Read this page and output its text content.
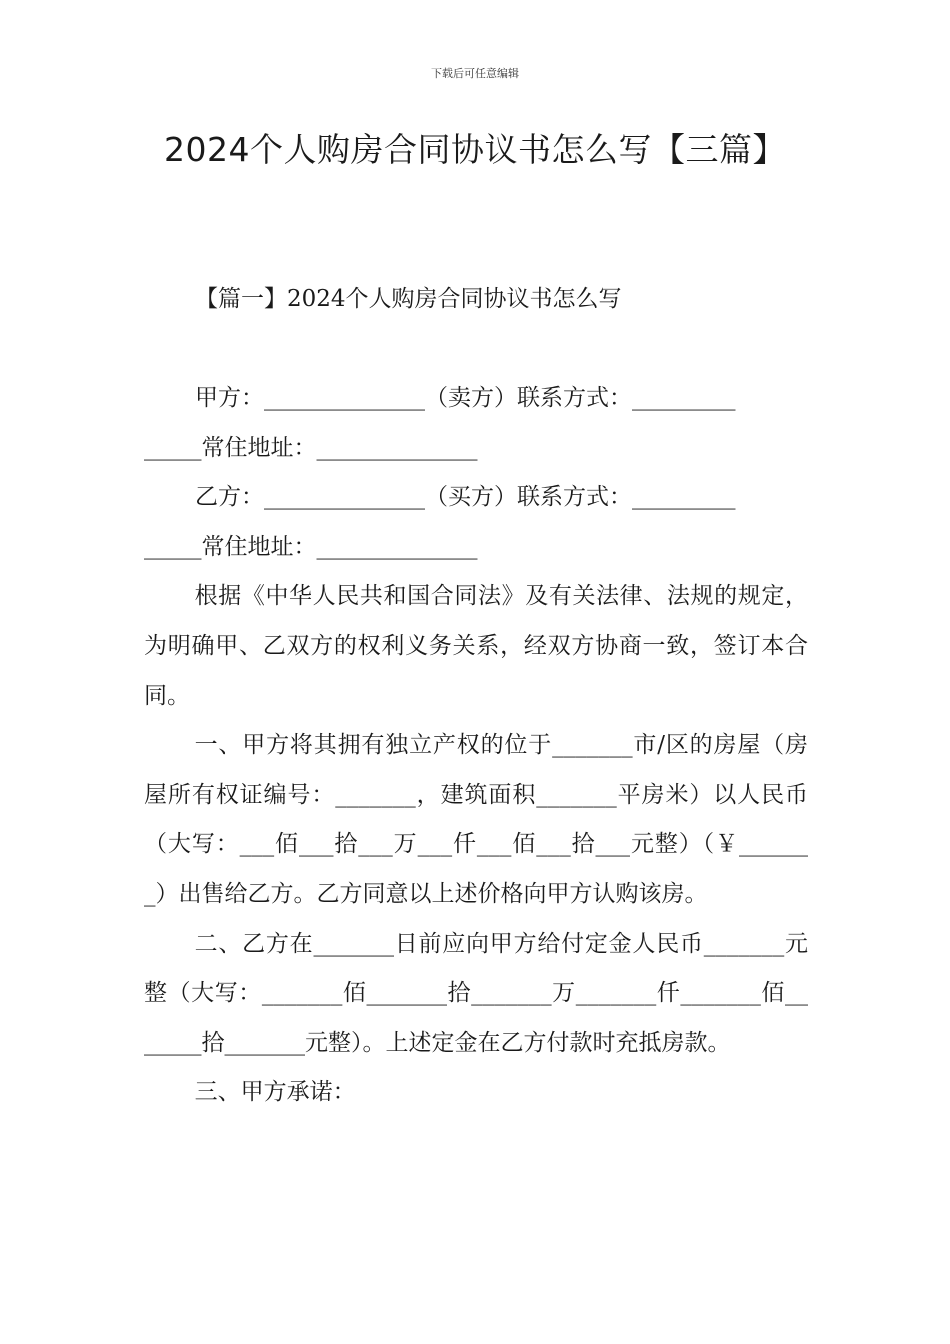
下载后可任意编辑
2024个人购房合同协议书怎么写【三篇】
【篇一】2024个人购房合同协议书怎么写

甲方：______________（卖方）联系方式：_________

_____常住地址：______________

乙方：______________（买方）联系方式：_________

_____常住地址：______________

根据《中华人民共和国合同法》及有关法律、法规的规定，为明确甲、乙双方的权利义务关系，经双方协商一致，签订本合同。

一、甲方将其拥有独立产权的位于_______市/区的房屋（房屋所有权证编号：_______，建筑面积_______平房米）以人民币（大写：___佰___拾___万___仟___佰___拾___元整）（￥_______）出售给乙方。乙方同意以上述价格向甲方认购该房。

二、乙方在_______日前应向甲方给付定金人民币_______元整（大写：_______佰_______拾_______万_______仟_______佰_______拾_______元整）。上述定金在乙方付款时充抵房款。

三、甲方承诺：
